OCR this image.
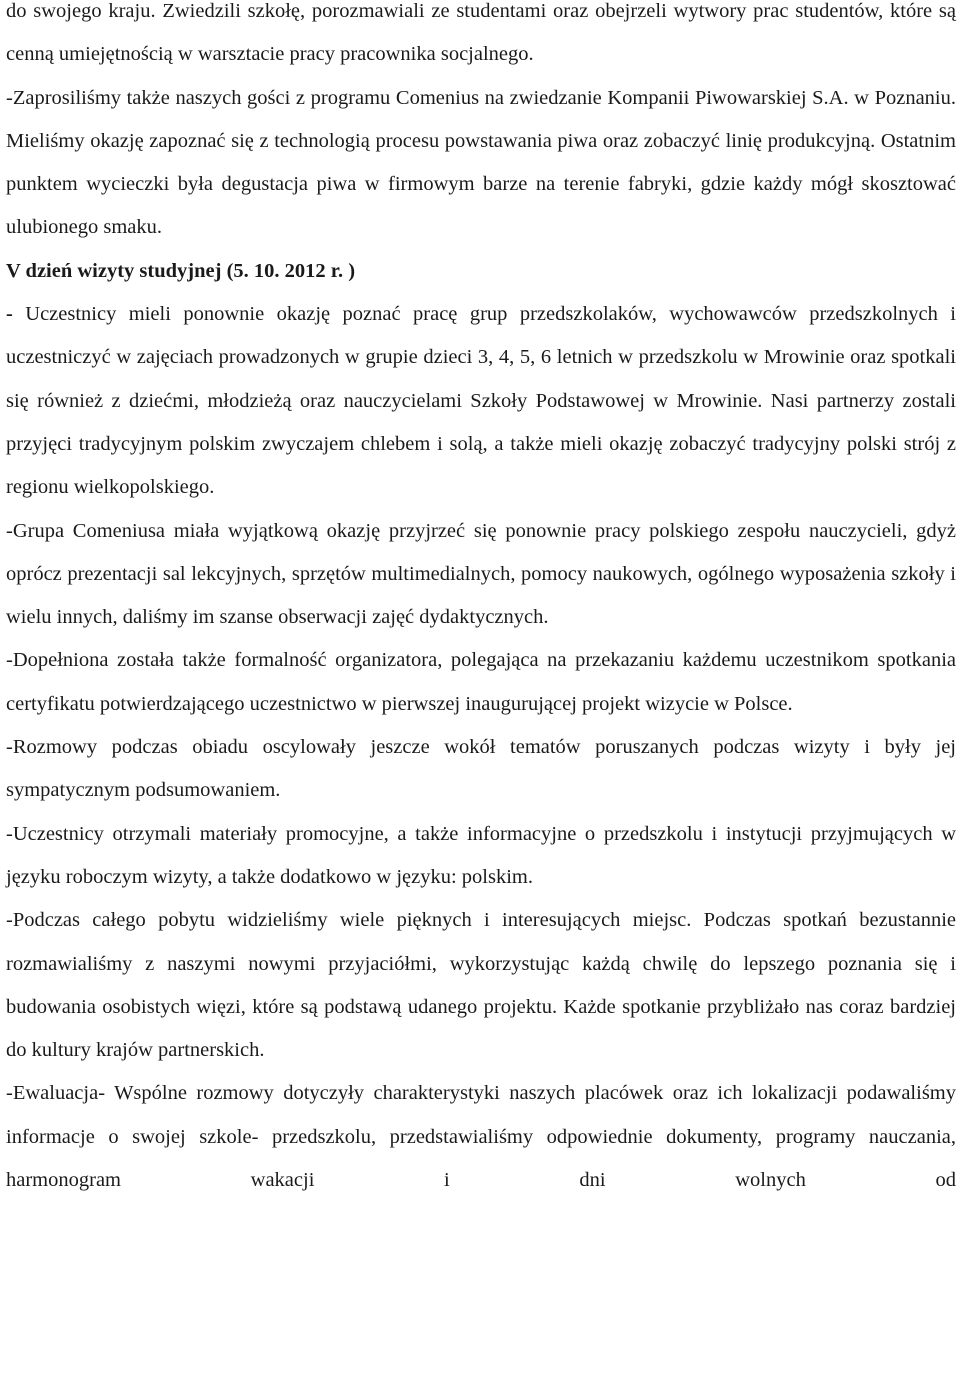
do swojego kraju. Zwiedzili szkołę, porozmawiali ze studentami oraz obejrzeli wytwory prac studentów, które są cenną umiejętnością w warsztacie pracy pracownika socjalnego.

-Zaprosiliśmy także naszych gości z programu Comenius na zwiedzanie Kompanii Piwowarskiej S.A. w Poznaniu. Mieliśmy okazję zapoznać się z technologią procesu powstawania piwa oraz zobaczyć linię produkcyjną. Ostatnim punktem wycieczki była degustacja piwa w firmowym barze na terenie fabryki, gdzie każdy mógł skosztować ulubionego smaku.

V dzień wizyty studyjnej (5. 10. 2012 r. )

- Uczestnicy mieli ponownie okazję poznać pracę grup przedszkolaków, wychowawców przedszkolnych i uczestniczyć w zajęciach prowadzonych w grupie dzieci 3, 4, 5, 6 letnich w przedszkolu w Mrowinie oraz spotkali się również z dziećmi, młodzieżą oraz nauczycielami Szkoły Podstawowej w Mrowinie. Nasi partnerzy zostali przyjęci tradycyjnym polskim zwyczajem chlebem i solą, a także mieli okazję zobaczyć tradycyjny polski strój z regionu wielkopolskiego.

-Grupa Comeniusa miała wyjątkową okazję przyjrzeć się ponownie pracy polskiego zespołu nauczycieli, gdyż oprócz prezentacji sal lekcyjnych, sprzętów multimedialnych, pomocy naukowych, ogólnego wyposażenia szkoły i wielu innych, daliśmy im szanse obserwacji zajęć dydaktycznych.

-Dopełniona została także formalność organizatora, polegająca na przekazaniu każdemu uczestnikom spotkania certyfikatu potwierdzającego uczestnictwo w pierwszej inaugurującej projekt wizycie w Polsce.

-Rozmowy podczas obiadu oscylowały jeszcze wokół tematów poruszanych podczas wizyty i były jej sympatycznym podsumowaniem.

-Uczestnicy otrzymali materiały promocyjne, a także informacyjne o przedszkolu i instytucji przyjmujących w języku roboczym wizyty, a także dodatkowo w języku: polskim.

-Podczas całego pobytu widzieliśmy wiele pięknych i interesujących miejsc. Podczas spotkań bezustannie rozmawialiśmy z naszymi nowymi przyjaciółmi, wykorzystując każdą chwilę do lepszego poznania się i budowania osobistych więzi, które są podstawą udanego projektu. Każde spotkanie przybliżało nas coraz bardziej do kultury krajów partnerskich.

-Ewaluacja- Wspólne rozmowy dotyczyły charakterystyki naszych placówek oraz ich lokalizacji podawaliśmy informacje o swojej szkole- przedszkolu, przedstawialiśmy odpowiednie dokumenty, programy nauczania, harmonogram wakacji i dni wolnych od
